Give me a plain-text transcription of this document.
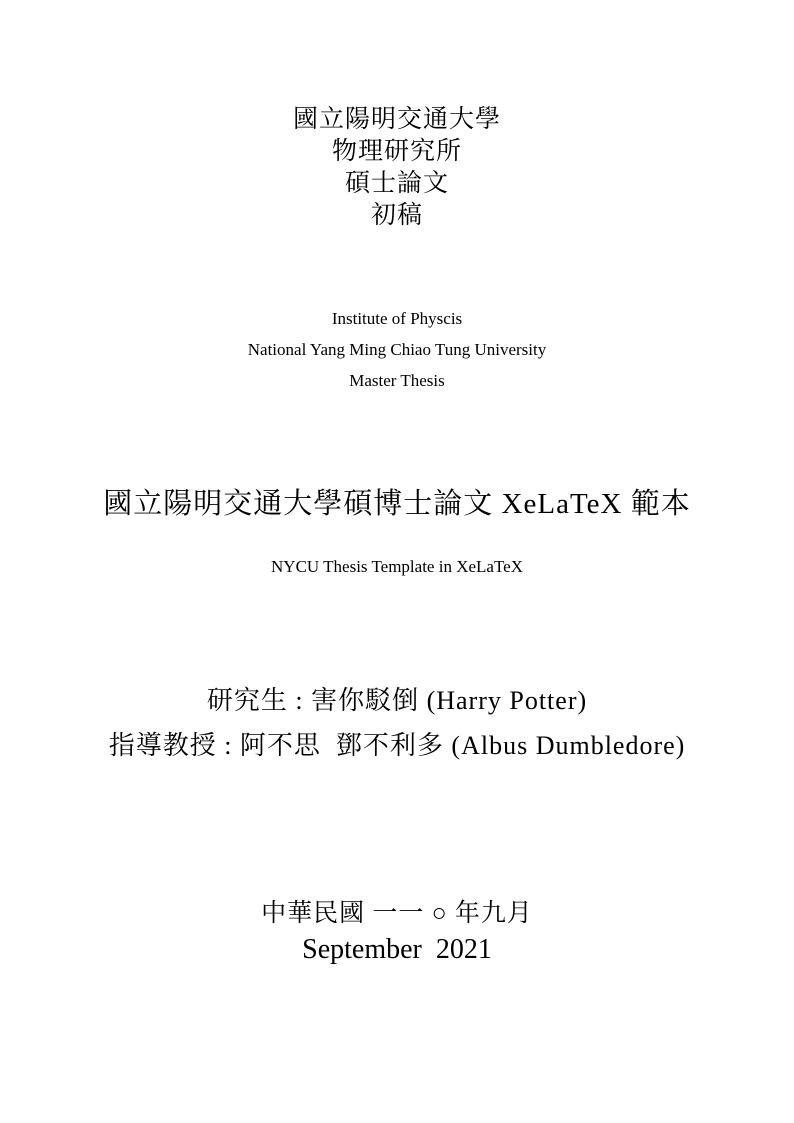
國立陽明交通大學
物理研究所
碩士論文
初稿
Institute of Physcis
National Yang Ming Chiao Tung University
Master Thesis
國立陽明交通大學碩博士論文 XeLaTeX 範本
NYCU Thesis Template in XeLaTeX
研究生 : 害你駁倒 (Harry Potter)
指導教授 : 阿不思  鄧不利多 (Albus Dumbledore)
中華民國 一一 ○ 年九月
September  2021
